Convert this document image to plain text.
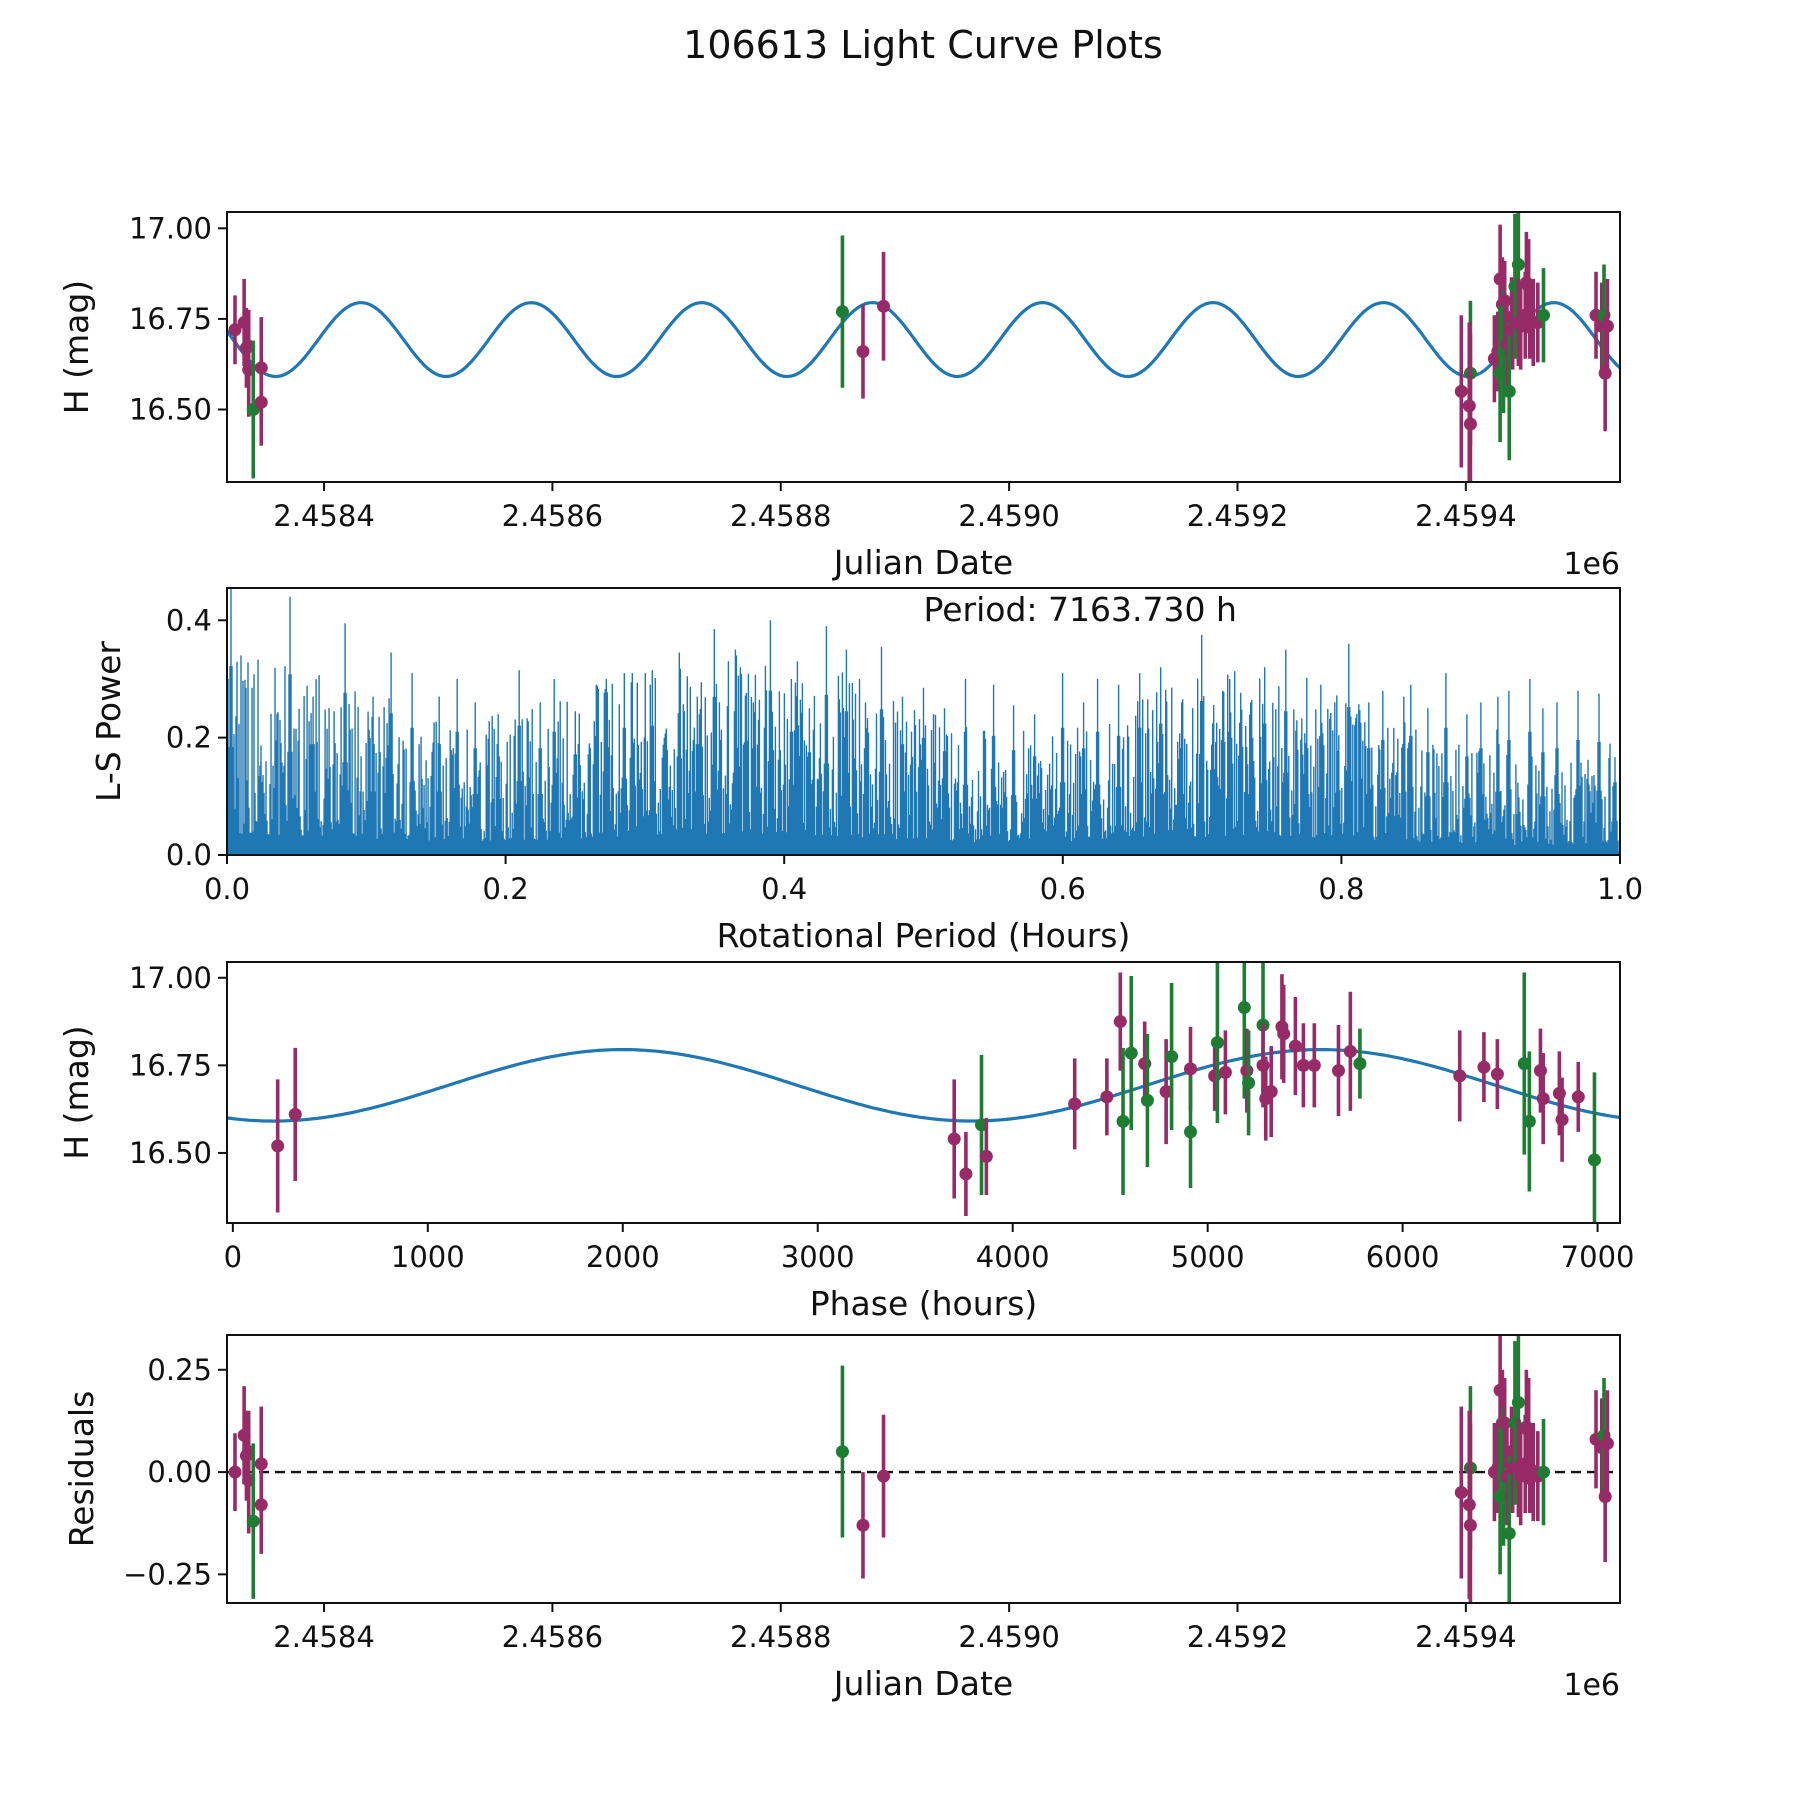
106613 Light Curve Plots
2.4584	2.4586	2.4588	2.4590	2.4592	2.4594
16.50
16.75
17.00
Julian Date	1e6
H (mag)
0.0	0.2	0.4	0.6	0.8	1.0
0.0
0.2
0.4
Rotational Period (Hours)
L-S Power
Period: 7163.730 h
0	1000	2000	3000	4000	5000	6000	7000
16.50
16.75
17.00
Phase (hours)
H (mag)
2.4584	2.4586	2.4588	2.4590	2.4592	2.4594
−0.25
0.00
0.25
Julian Date	1e6
Residuals
